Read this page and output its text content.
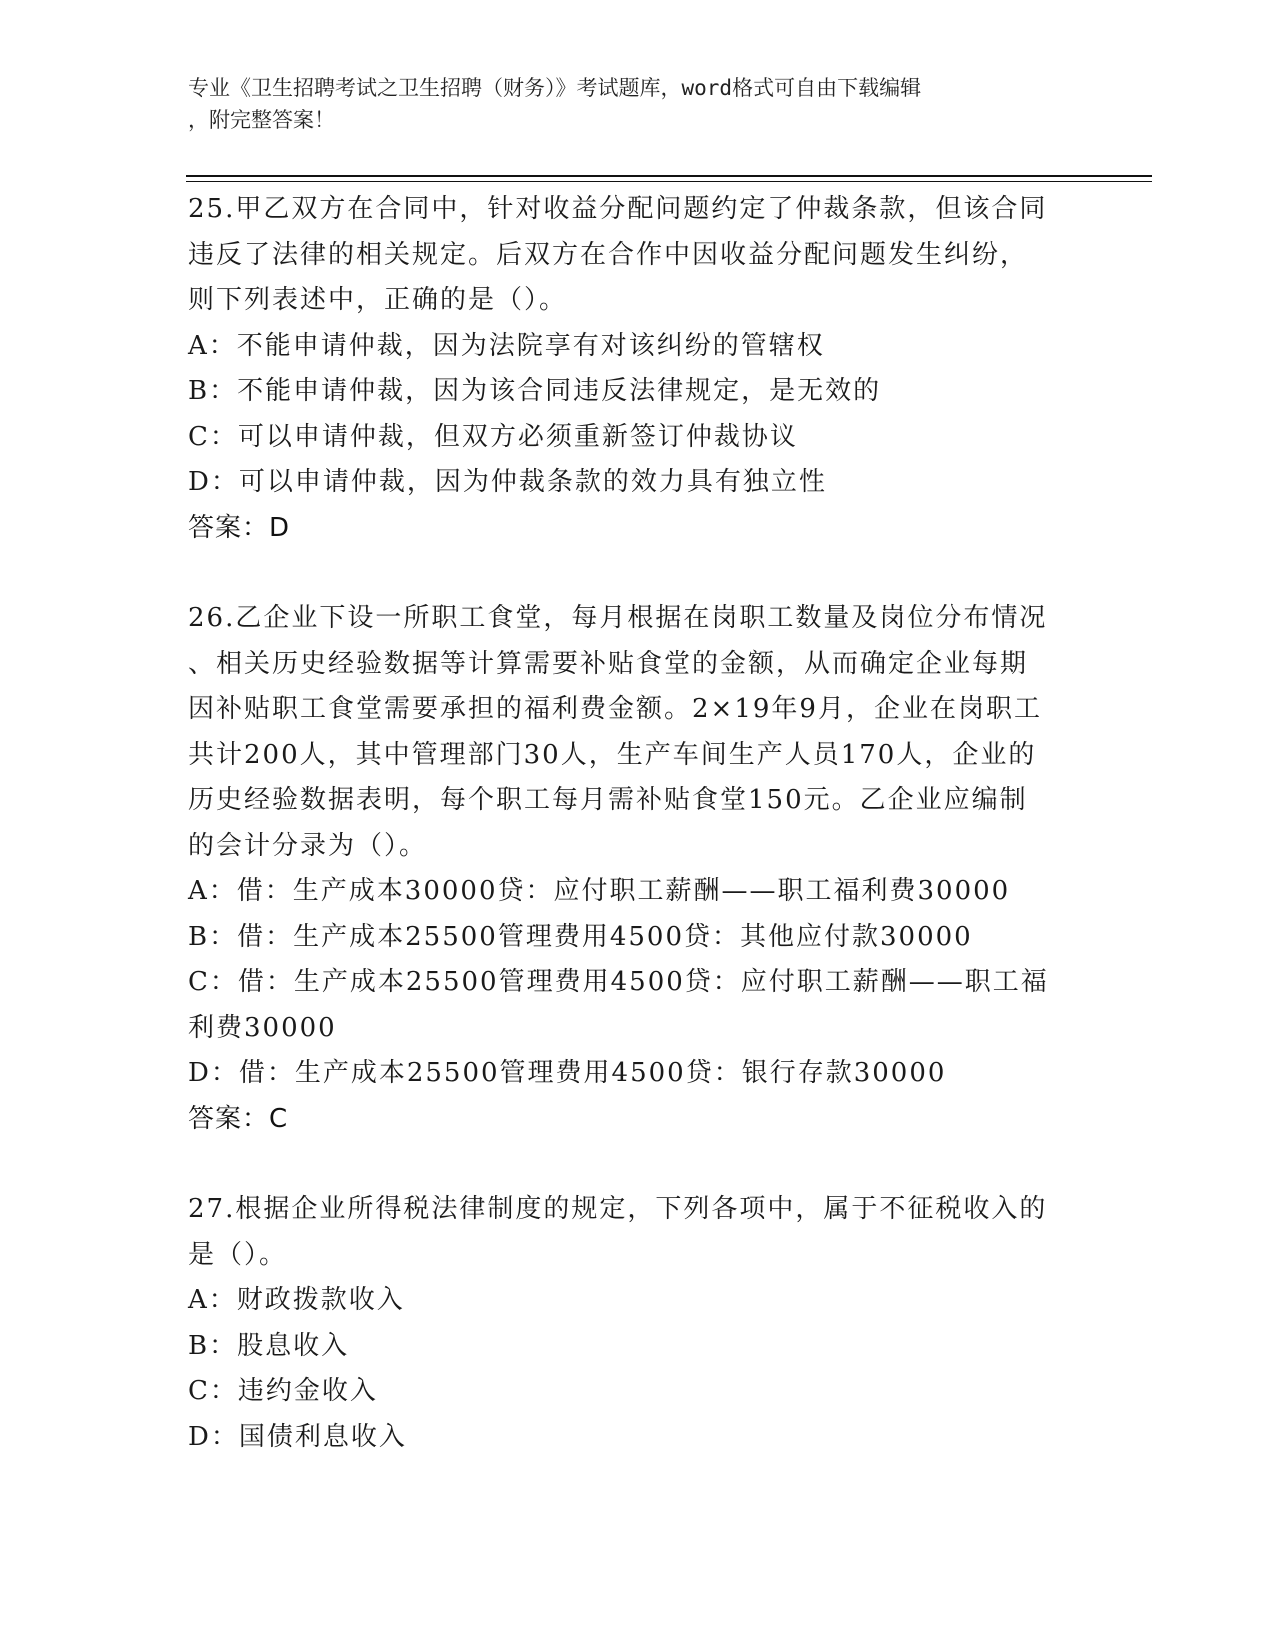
专业《卫生招聘考试之卫生招聘（财务）》考试题库，word格式可自由下载编辑
，附完整答案！

25.甲乙双方在合同中，针对收益分配问题约定了仲裁条款，但该合同

违反了法律的相关规定。后双方在合作中因收益分配问题发生纠纷，

则下列表述中，正确的是（）。

A：不能申请仲裁，因为法院享有对该纠纷的管辖权

B：不能申请仲裁，因为该合同违反法律规定，是无效的

C：可以申请仲裁，但双方必须重新签订仲裁协议

D：可以申请仲裁，因为仲裁条款的效力具有独立性

答案：D

26.乙企业下设一所职工食堂，每月根据在岗职工数量及岗位分布情况

、相关历史经验数据等计算需要补贴食堂的金额，从而确定企业每期

因补贴职工食堂需要承担的福利费金额。2×19年9月，企业在岗职工

共计200人，其中管理部门30人，生产车间生产人员170人，企业的

历史经验数据表明，每个职工每月需补贴食堂150元。乙企业应编制

的会计分录为（）。

A：借：生产成本30000贷：应付职工薪酬——职工福利费30000

B：借：生产成本25500管理费用4500贷：其他应付款30000

C：借：生产成本25500管理费用4500贷：应付职工薪酬——职工福

利费30000

D：借：生产成本25500管理费用4500贷：银行存款30000

答案：C

27.根据企业所得税法律制度的规定，下列各项中，属于不征税收入的

是（）。

A：财政拨款收入

B：股息收入

C：违约金收入

D：国债利息收入
